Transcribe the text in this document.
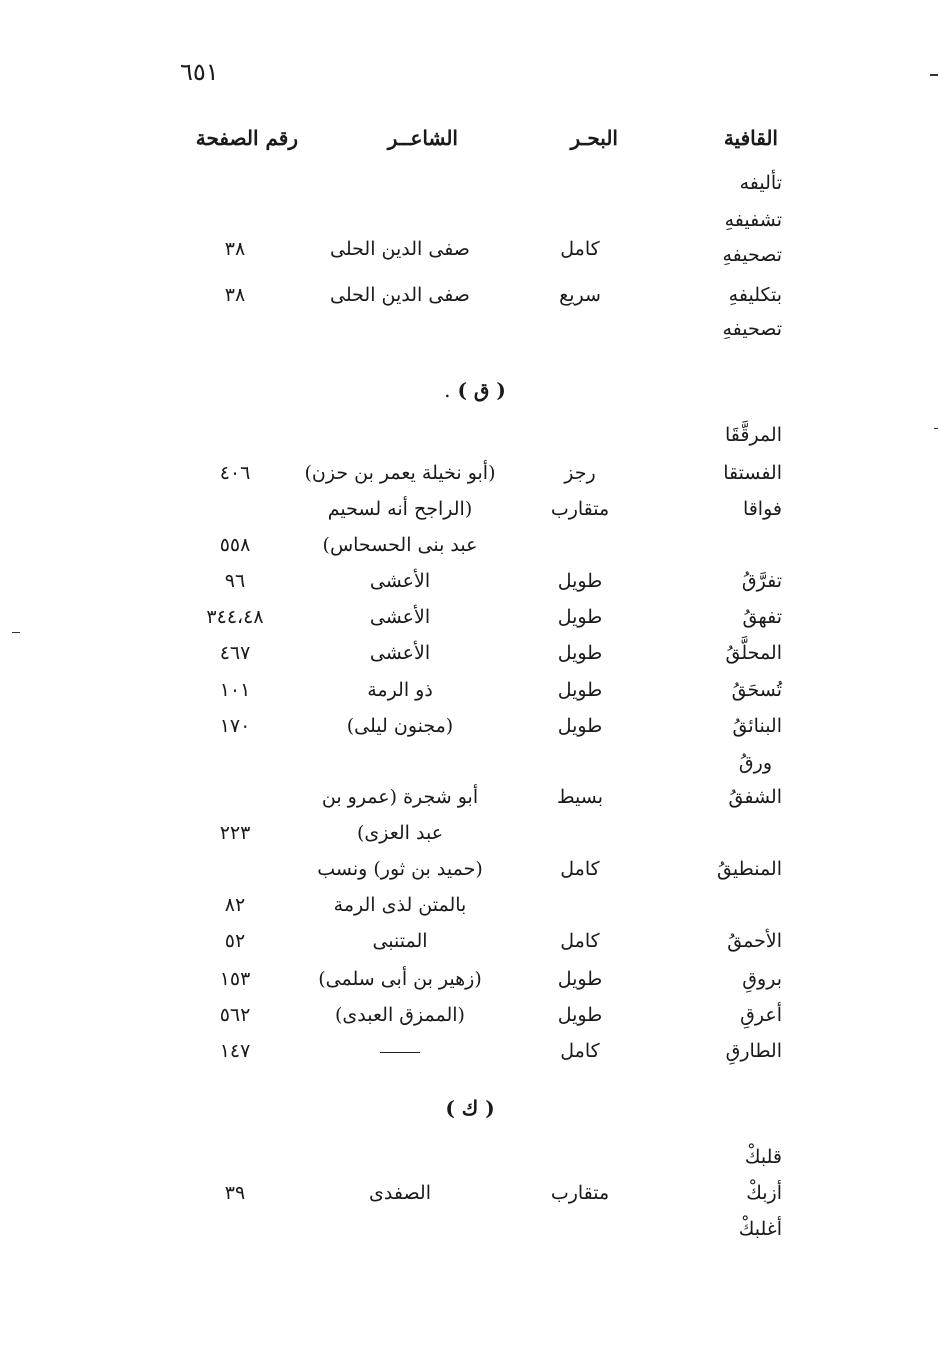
٦٥١
القافية
البحـر
الشاعــر
رقم الصفحة
تأليفه
تشفيفهِ
تصحيفهِ
كامل
صفى الدين الحلى
٣٨
بتكليفهِ
سريع
صفى الدين الحلى
٣٨
تصحيفهِ
( ق ) .
المرقَّقَا
الفستقا
رجز
(أبو نخيلة يعمر بن حزن)
٤٠٦
فواقا
متقارب
(الراجح أنه لسحيم
عبد بنى الحسحاس)
٥٥٨
تفرَّقُ
طويل
الأعشى
٩٦
تفهقُ
طويل
الأعشى
٣٤٤،٤٨
المحلَّقُ
طويل
الأعشى
٤٦٧
تُسحَقُ
طويل
ذو الرمة
١٠١
البنائقُ
طويل
(مجنون ليلى)
١٧٠
ورقُ
الشفقُ
بسيط
أبو شجرة (عمرو بن
عبد العزى)
٢٢٣
المنطيقُ
كامل
(حميد بن ثور) ونسب
بالمتن لذى الرمة
٨٢
الأحمقُ
كامل
المتنبى
٥٢
بروقِ
طويل
(زهير بن أبى سلمى)
١٥٣
أعرقِ
طويل
(الممزق العبدى)
٥٦٢
الطارقِ
كامل
١٤٧
( ك )
قلبكْ
أزبكْ
متقارب
الصفدى
٣٩
أغلبكْ
